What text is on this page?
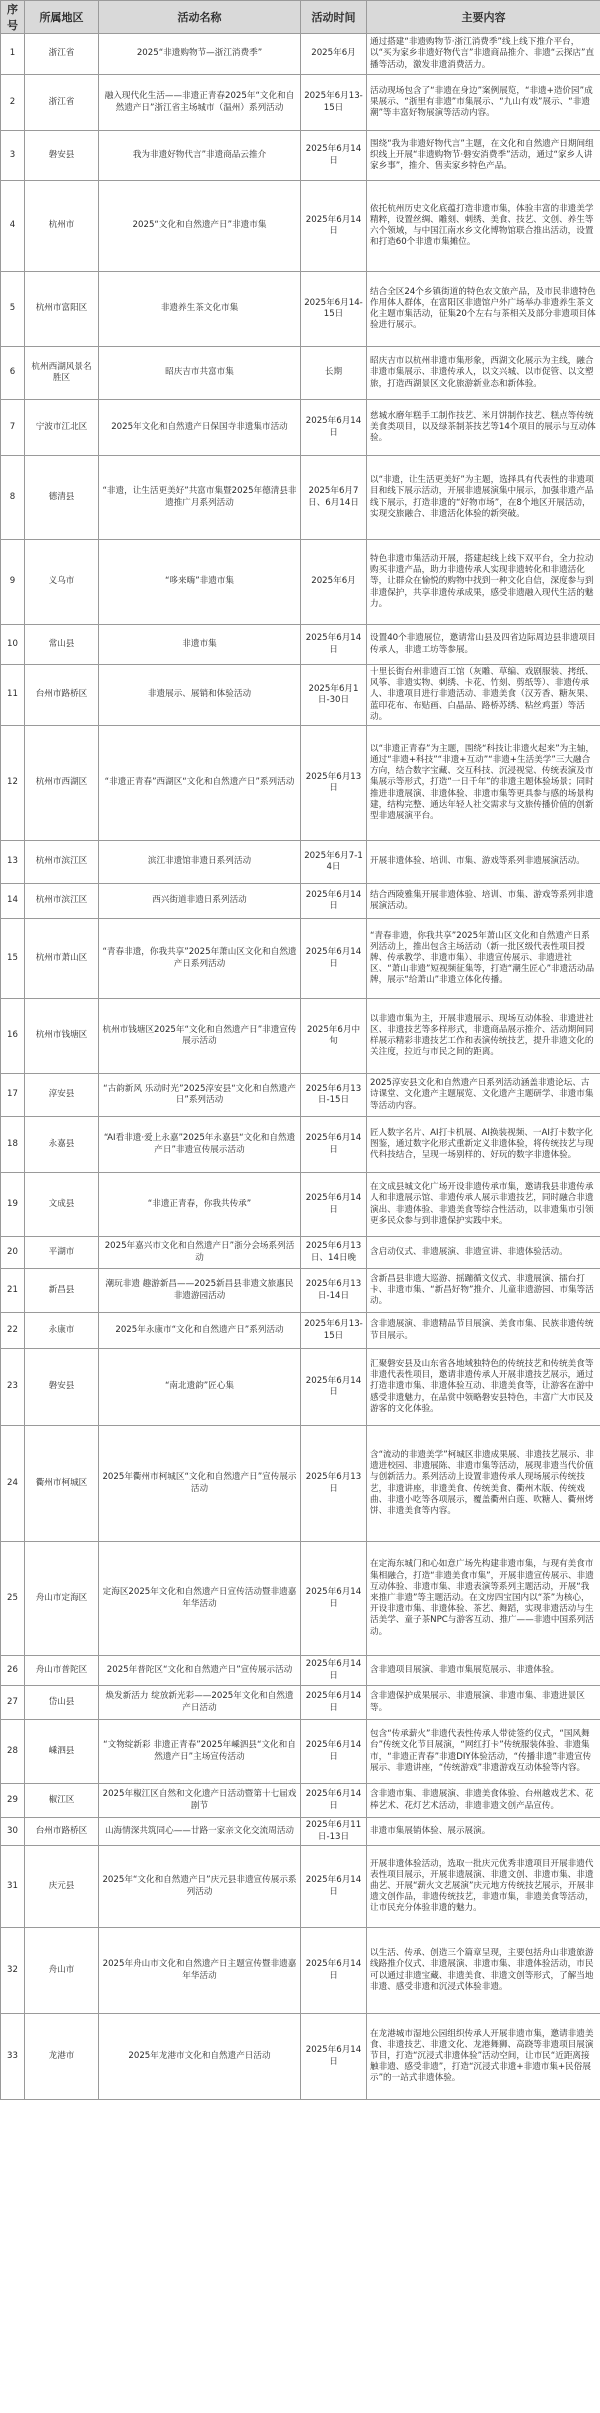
序号	所属地区	活动名称	活动时间	主要内容
1	浙江省	2025“非遗购物节—浙江消费季”	2025年6月	通过搭建“非遗购物节·浙江消费季”线上线下推介平台，以“买为家乡非遗好物代言”非遗商品推介、非遗“云探店”直播等活动，激发非遗消费活力。
2	浙江省	融入现代化生活——非遗正青春2025年“文化和自然遗产日”浙江省主场城市（温州）系列活动	2025年6月13-15日	活动现场包含了“非遗在身边”案例展览，“非遗+造价园”成果展示、“浙里有非遗”市集展示、“九山有戏”展示、“非遗潮”等丰富好物展演等活动内容。
3	磐安县	我为非遗好物代言”非遗商品云推介	2025年6月14日	围绕“我为非遗好物代言”主题，在文化和自然遗产日期间组织线上开展“非遗购物节·磐安消费季”活动，通过“家乡人讲家乡事”，推介、售卖家乡特色产品。
4	杭州市	2025“文化和自然遗产日”非遗市集	2025年6月14日	依托杭州历史文化底蕴打造非遗市集，体验丰富的非遗美学精粹，设置丝绸、雕刻、刺绣、美食、技艺、文创、养生等六个领域，与中国江南水乡文化博物馆联合推出活动，设置和打造60个非遗市集摊位。
5	杭州市富阳区	非遗养生茶文化市集	2025年6月14-15日	结合全区24个乡镇街道的特色农文旅产品，及市民非遗特色作用体人群体，在富阳区非遗馆户外广场举办非遗养生茶文化主题市集活动，征集20个左右与茶相关及部分非遗项目体验进行展示。
6	杭州西湖风景名胜区	昭庆吉市共富市集	长期	昭庆吉市以杭州非遗市集形象，西湖文化展示为主线，融合非遗市集展示、非遗传承人，以文兴城、以市促管、以文塑旅，打造西湖景区文化旅游新业态和新体验。
7	宁波市江北区	2025年文化和自然遗产日保国寺非遗集市活动	2025年6月14日	慈城水磨年糕手工制作技艺、米月饼制作技艺、糕点等传统美食类项目，以及绿茶制茶技艺等14个项目的展示与互动体验。
8	德清县	“非遗，让生活更美好”共富市集暨2025年德清县非遗推广月系列活动	2025年6月7日、6月14日	以“非遗，让生活更美好”为主题，选择具有代表性的非遗项目和线下展示活动，开展非遗展演集中展示，加强非遗产品线下展示，打造非遗的“好物市场”，在8个地区开展活动，实现交旅融合、非遗活化体验的新突破。
9	义乌市	“哆来嗨”非遗市集	2025年6月	特色非遗市集活动开展，搭建起线上线下双平台，全力拉动购买非遗产品，助力非遗传承人实现非遗转化和非遗活化等，让群众在愉悦的购物中找到一种文化自信，深度参与到非遗保护，共享非遗传承成果，感受非遗融入现代生活的魅力。
10	常山县	非遗市集	2025年6月14日	设置40个非遗展位，邀请常山县及四省边际周边县非遗项目传承人，非遗工坊等参展。
11	台州市路桥区	非遗展示、展销和体验活动	2025年6月1日-30日	十里长街台州非遗百工馆（灰雕、草编、戏剧服装、拷纸、风筝、非遗实物、刺绣、卡花、竹刻、剪纸等）、非遗传承人、非遗项目进行非遗活动、非遗美食（汉芳香、糖灰果、蓝印花布、布贴画、白晶品、路桥苏绣、粘丝鸡蛋）等活动。
12	杭州市西湖区	“非遗正青春”西湖区“文化和自然遗产日”系列活动	2025年6月13日	以“非遗正青春”为主题，围绕“科技让非遗火起来”为主轴，通过“非遗+科技”“非遗+互动”“非遗+生活美学”三大融合方向，结合数字宝藏、交互科技、沉浸视觉、传统表演及市集展示等形式，打造“一日千年”的非遗主题体验场景；同时推进非遗展演、非遗体验、非遗市集等更具参与感的场景构建，结构完整、通达年轻人社交需求与文旅传播价值的创新型非遗展演平台。
13	杭州市滨江区	滨江非遗馆非遗日系列活动	2025年6月7-14日	开展非遗体验、培训、市集、游戏等系列非遗展演活动。
14	杭州市滨江区	西兴街道非遗日系列活动	2025年6月14日	结合西陵雅集开展非遗体验、培训、市集、游戏等系列非遗展演活动。
15	杭州市萧山区	“青春非遗，你我共享”2025年萧山区文化和自然遗产日系列活动	2025年6月14日	“青春非遗，你我共享”2025年萧山区文化和自然遗产日系列活动上，推出包含主场活动（新一批区级代表性项目授牌、传承教学、非遗市集）、非遗宣传展示、非遗进社区、“萧山非遗”短视频征集等，打造“潮生匠心”非遗活动品牌，展示“给萧山”非遗立体化传播。
16	杭州市钱塘区	杭州市钱塘区2025年“文化和自然遗产日”非遗宣传展示活动	2025年6月中旬	以非遗市集为主，开展非遗展示、现场互动体验、非遗进社区、非遗技艺等多样形式，非遗商品展示推介、活动期间同样展示精彩非遗技艺工作和表演传统技艺，提升非遗文化的关注度，拉近与市民之间的距离。
17	淳安县	“古韵新风 乐动时光”2025淳安县“文化和自然遗产日”系列活动	2025年6月13日-15日	2025淳安县文化和自然遗产日系列活动涵盖非遗论坛、古诗课堂、文化遗产主题展览、文化遗产主题研学、非遗市集等活动内容。
18	永嘉县	“AI看非遗·爱上永嘉”2025年永嘉县“文化和自然遗产日”非遗宣传展示活动	2025年6月14日	匠人数字名片、AI打卡机展、AI换装视频、一AI打卡数字化图鉴，通过数字化形式重新定义非遗体验，将传统技艺与现代科技结合，呈现一场别样的、好玩的数字非遗体验。
19	文成县	“非遗正青春，你我共传承”	2025年6月14日	在文成县城文化广场开设非遗传承市集，邀请我县非遗传承人和非遗展示馆、非遗传承人展示非遗技艺，同时融合非遗演出、非遗体验、非遗美食等综合性活动，以非遗集市引领更多民众参与到非遗保护实践中来。
20	平湖市	2025年嘉兴市文化和自然遗产日”浙分会场系列活动	2025年6月13日、14日晚	含启动仪式、非遗展演、非遗宣讲、非遗体验活动。
21	新昌县	潮玩非遗 趣游新昌——2025新昌县非遗文旅惠民非遗游园活动	2025年6月13日-14日	含新昌县非遗大巡游、摇蹦循文仪式、非遗展演、擂台打卡、非遗市集、“新昌好物”推介、儿童非遗游园、市集等活动。
22	永康市	2025年永康市“文化和自然遗产日”系列活动	2025年6月13-15日	含非遗展演、非遗精品节目展演、美食市集、民族非遗传统节目展示。
23	磐安县	“南北遗韵”匠心集	2025年6月14日	汇聚磐安县及山东省各地域独特色的传统技艺和传统美食等非遗代表性项目，邀请非遗传承人开展非遗技艺展示，通过打造非遗市集、非遗体验互动、非遗美食等，让游客在游中感受非遗魅力，在品赏中领略磐安县特色，丰富广大市民及游客的文化体验。
24	衢州市柯城区	2025年衢州市柯城区“文化和自然遗产日”宣传展示活动	2025年6月13日	含“流动的非遗美学”柯城区非遗成果展、非遗技艺展示、非遗进校园、非遗展陈、非遗市集等活动，展现非遗当代价值与创新活力。系列活动上设置非遗传承人现场展示传统技艺，非遗讲座，非遗美食、传统美食、衢州木版、传统戏曲、非遗小吃等各项展示，覆盖衢州白莲、吹糖人、衢州烤饼、非遗美食等内容。
25	舟山市定海区	定海区2025年文化和自然遗产日宣传活动暨非遗嘉年华活动	2025年6月14日	在定海东城门和心如意广场先构建非遗市集，与现有美食市集相融合，打造“非遗美食市集”，开展非遗宣传展示、非遗互动体验、非遗市集、非遗表演等系列主题活动，开展“我来推广非遗”等主题活动。在文房四宝国内以“茶”为核心，开设非遗市集、非遗体验、茶艺、舞蹈，实现非遗活动与生活美学、童子茶NPC与游客互动、推广——非遗中国系列活动。
26	舟山市普陀区	2025年普陀区“文化和自然遗产日”宣传展示活动	2025年6月14日	含非遗项目展演、非遗市集展览展示、非遗体验。
27	岱山县	焕发新活力 绽放新光彩——2025年文化和自然遗产日活动	2025年6月14日	含非遗保护成果展示、非遗展演、非遗市集、非遗进景区等。
28	嵊泗县	“文物绽新彩 非遗正青春”2025年嵊泗县“文化和自然遗产日”主场宣传活动	2025年6月14日	包含“传承薪火”非遗代表性传承人带徒签约仪式，“国风舞台”传统文化节目展演，“网红打卡”传统服装体验、非遗集市，“非遗正青春”非遗DIY体验活动，“传播非遗”非遗宣传展示、非遗讲座，“传统游戏”非遗游戏互动体验等内容。
29	椒江区	2025年椒江区自然和文化遗产日活动暨第十七届戏剧节	2025年6月14日	含非遗市集、非遗展演、非遗美食体验、台州越戏艺术、花棒艺术、花灯艺术活动，非遗非遗文创产品宣传。
30	台州市路桥区	山海情深共筑同心——廿路一家亲文化交流周活动	2025年6月11日-13日	非遗市集展销体验、展示展演。
31	庆元县	2025年“文化和自然遗产日”庆元县非遗宣传展示系列活动	2025年6月14日	开展非遗体验活动，选取一批庆元优秀非遗项目开展非遗代表性项目展示，开展非遗展演、非遗文创、非遗市集、非遗曲艺、开展“薪火文艺展演”庆元地方传统技艺展示，开展非遗文创作品，非遗传统技艺，非遗市集，非遗美食等活动，让市民充分体验非遗的魅力。
32	舟山市	2025年舟山市文化和自然遗产日主题宣传暨非遗嘉年华活动	2025年6月14日	以生活、传承、创造三个篇章呈现，主要包括舟山非遗旅游线路推介仪式、非遗展演、非遗市集、非遗体验活动，市民可以通过非遗宝藏、非遗美食、非遗文创等形式，了解当地非遗、感受非遗和沉浸式体验非遗。
33	龙港市	2025年龙港市文化和自然遗产日活动	2025年6月14日	在龙港城市湿地公园组织传承人开展非遗市集，邀请非遗美食、非遗技艺、非遗文化、龙港舞狮、高跷等非遗项目展演节目，打造“沉浸式非遗体验”活动空间，让市民“近距离接触非遗、感受非遗”，打造“沉浸式非遗+非遗市集+民俗展示”的一站式非遗体验。
